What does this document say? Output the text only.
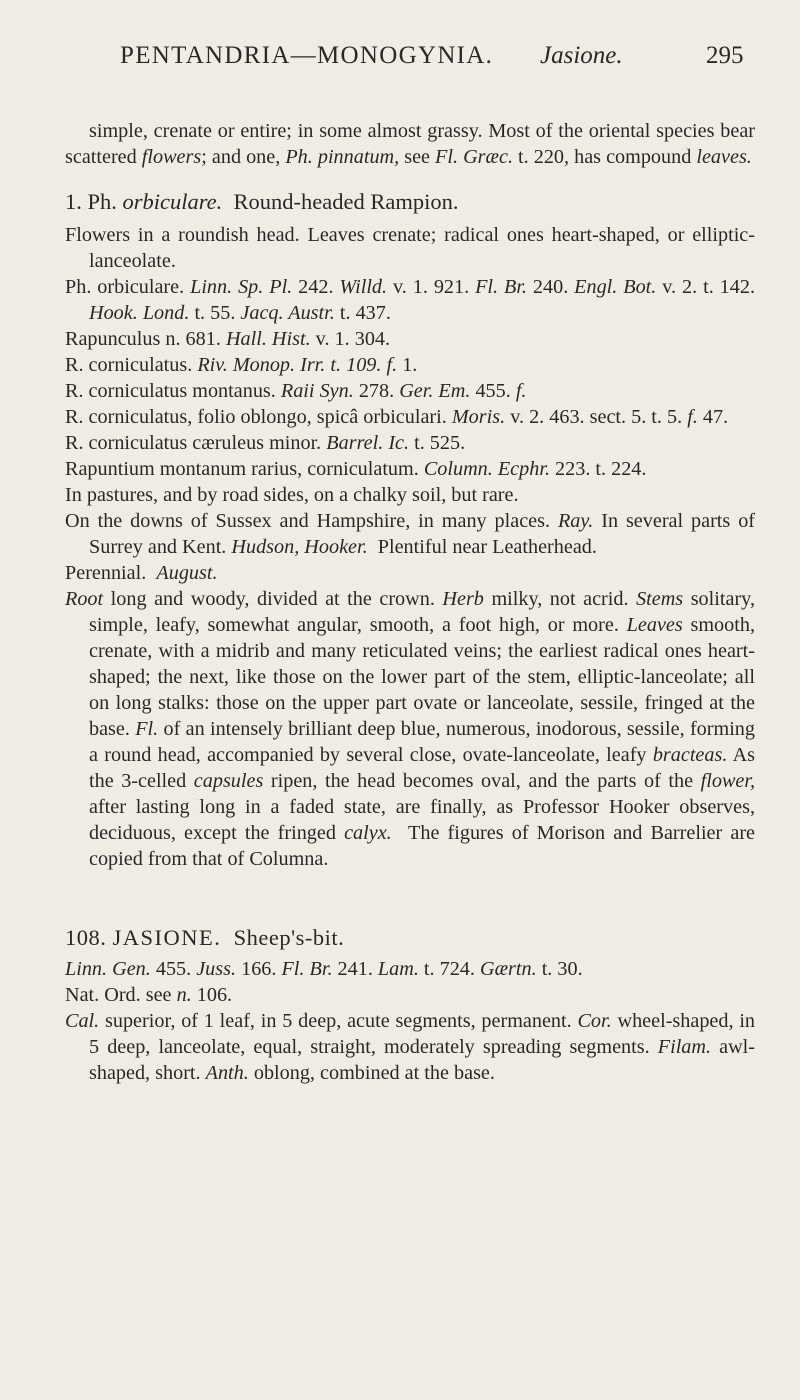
PENTANDRIA—MONOGYNIA. Jasione.	295

simple, crenate or entire; in some almost grassy. Most of the oriental species bear scattered flowers; and one, Ph. pinnatum, see Fl. Græc. t. 220, has compound leaves.

1. Ph. orbiculare. Round-headed Rampion.

Flowers in a roundish head. Leaves crenate; radical ones heart-shaped, or elliptic-lanceolate.

Ph. orbiculare. Linn. Sp. Pl. 242. Willd. v. 1. 921. Fl. Br. 240. Engl. Bot. v. 2. t. 142. Hook. Lond. t. 55. Jacq. Austr. t. 437.

Rapunculus n. 681. Hall. Hist. v. 1. 304.

R. corniculatus. Riv. Monop. Irr. t. 109. f. 1.

R. corniculatus montanus. Raii Syn. 278. Ger. Em. 455. f.

R. corniculatus, folio oblongo, spicâ orbiculari. Moris. v. 2. 463. sect. 5. t. 5. f. 47.

R. corniculatus cæruleus minor. Barrel. Ic. t. 525.

Rapuntium montanum rarius, corniculatum. Column. Ecphr. 223. t. 224.

In pastures, and by road sides, on a chalky soil, but rare.

On the downs of Sussex and Hampshire, in many places. Ray. In several parts of Surrey and Kent. Hudson, Hooker. Plentiful near Leatherhead.

Perennial. August.

Root long and woody, divided at the crown. Herb milky, not acrid. Stems solitary, simple, leafy, somewhat angular, smooth, a foot high, or more. Leaves smooth, crenate, with a midrib and many reticulated veins; the earliest radical ones heart-shaped; the next, like those on the lower part of the stem, elliptic-lanceolate; all on long stalks: those on the upper part ovate or lanceolate, sessile, fringed at the base. Fl. of an intensely brilliant deep blue, numerous, inodorous, sessile, forming a round head, accompanied by several close, ovate-lanceolate, leafy bracteas. As the 3-celled capsules ripen, the head becomes oval, and the parts of the flower, after lasting long in a faded state, are finally, as Professor Hooker observes, deciduous, except the fringed calyx. The figures of Morison and Barrelier are copied from that of Columna.

108. JASIONE. Sheep's-bit.

Linn. Gen. 455. Juss. 166. Fl. Br. 241. Lam. t. 724. Gærtn. t. 30.

Nat. Ord. see n. 106.

Cal. superior, of 1 leaf, in 5 deep, acute segments, permanent. Cor. wheel-shaped, in 5 deep, lanceolate, equal, straight, moderately spreading segments. Filam. awl-shaped, short. Anth. oblong, combined at the base.
